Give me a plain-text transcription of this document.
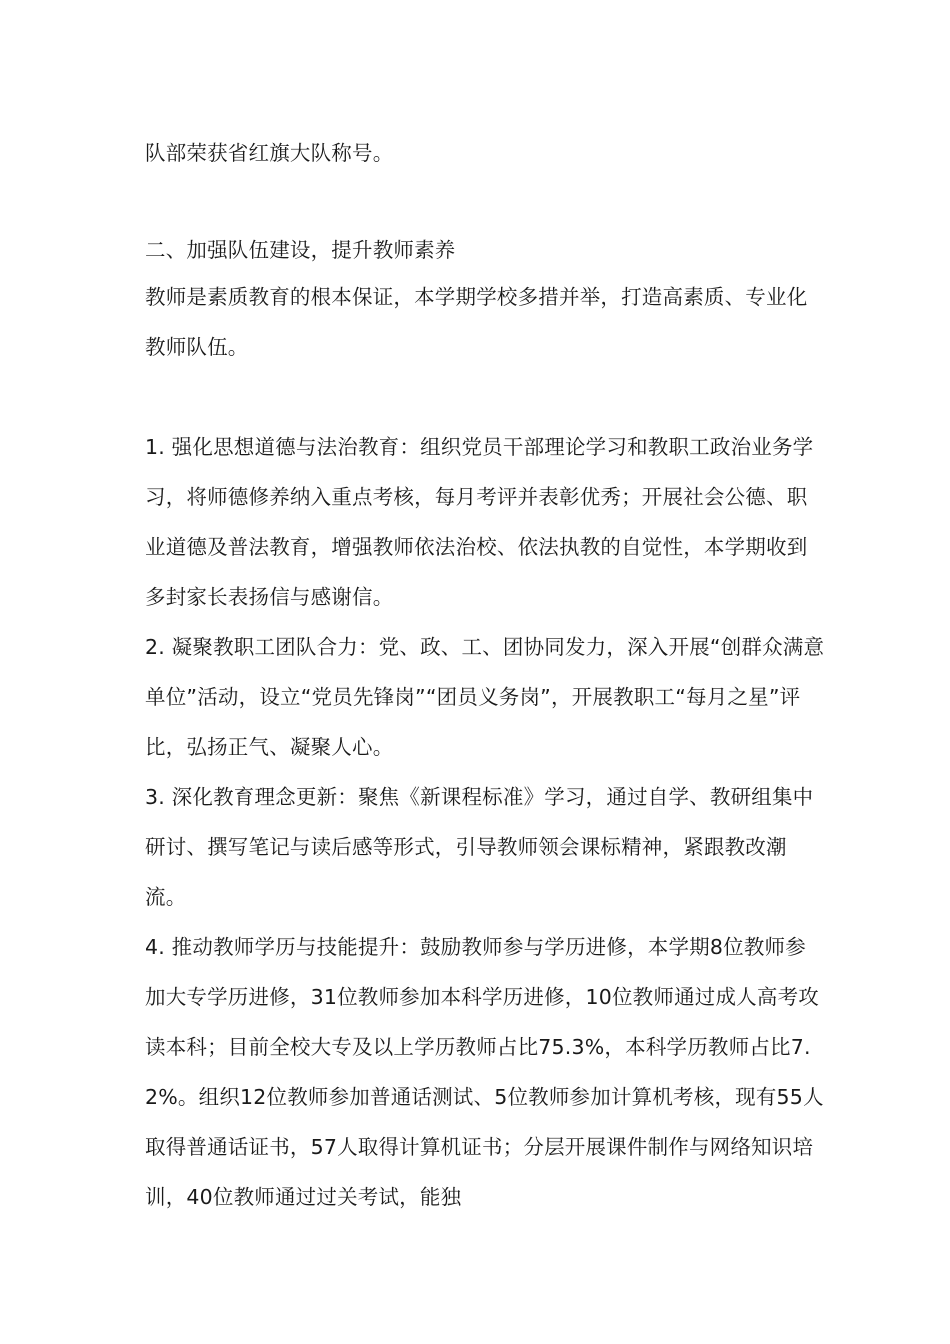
队部荣获省红旗大队称号。

二、加强队伍建设，提升教师素养

教师是素质教育的根本保证，本学期学校多措并举，打造高素质、专业化教师队伍。

1. 强化思想道德与法治教育：组织党员干部理论学习和教职工政治业务学习，将师德修养纳入重点考核，每月考评并表彰优秀；开展社会公德、职业道德及普法教育，增强教师依法治校、依法执教的自觉性，本学期收到多封家长表扬信与感谢信。

2. 凝聚教职工团队合力：党、政、工、团协同发力，深入开展“创群众满意单位”活动，设立“党员先锋岗”“团员义务岗”，开展教职工“每月之星”评比，弘扬正气、凝聚人心。

3. 深化教育理念更新：聚焦《新课程标准》学习，通过自学、教研组集中研讨、撰写笔记与读后感等形式，引导教师领会课标精神，紧跟教改潮流。

4. 推动教师学历与技能提升：鼓励教师参与学历进修，本学期8位教师参加大专学历进修，31位教师参加本科学历进修，10位教师通过成人高考攻读本科；目前全校大专及以上学历教师占比75.3%，本科学历教师占比7.2%。组织12位教师参加普通话测试、5位教师参加计算机考核，现有55人取得普通话证书，57人取得计算机证书；分层开展课件制作与网络知识培训，40位教师通过过关考试，能独
